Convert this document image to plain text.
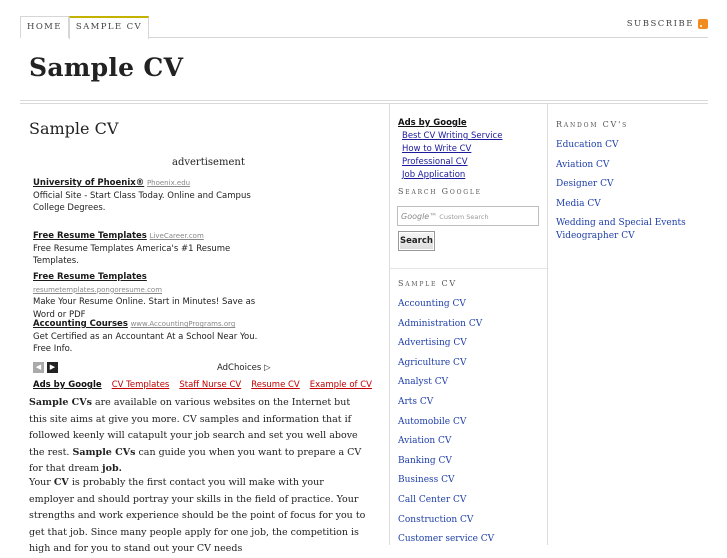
HOME	SAMPLE CV	SUBSCRIBE
Sample CV
Sample CV
advertisement
University of Phoenix® Phoenix.edu
Official Site - Start Class Today. Online and Campus College Degrees.
Free Resume Templates LiveCareer.com
Free Resume Templates America's #1 Resume Templates.
Free Resume Templates resumetemplates.pongoresume.com
Make Your Resume Online. Start in Minutes! Save as Word or PDF
Accounting Courses www.AccountingPrograms.org
Get Certified as an Accountant At a School Near You. Free Info.
◀	▶	AdChoices ▷
Ads by Google CV Templates Staff Nurse CV Resume CV Example of CV
Sample CVs are available on various websites on the Internet but this site aims at give you more. CV samples and information that if followed keenly will catapult your job search and set you well above the rest. Sample CVs can guide you when you want to prepare a CV for that dream job.
Your CV is probably the first contact you will make with your employer and should portray your skills in the field of practice. Your strengths and work experience should be the point of focus for you to get that job. Since many people apply for one job, the competition is high and for you to stand out your CV needs
Ads by Google
Best CV Writing Service
How to Write CV
Professional CV
Job Application
Search Google
Google™ Custom Search
Search
Sample CV
Accounting CV
Administration CV
Advertising CV
Agriculture CV
Analyst CV
Arts CV
Automobile CV
Aviation CV
Banking CV
Business CV
Call Center CV
Construction CV
Customer service CV
Random CV's
Education CV
Aviation CV
Designer CV
Media CV
Wedding and Special Events Videographer CV
